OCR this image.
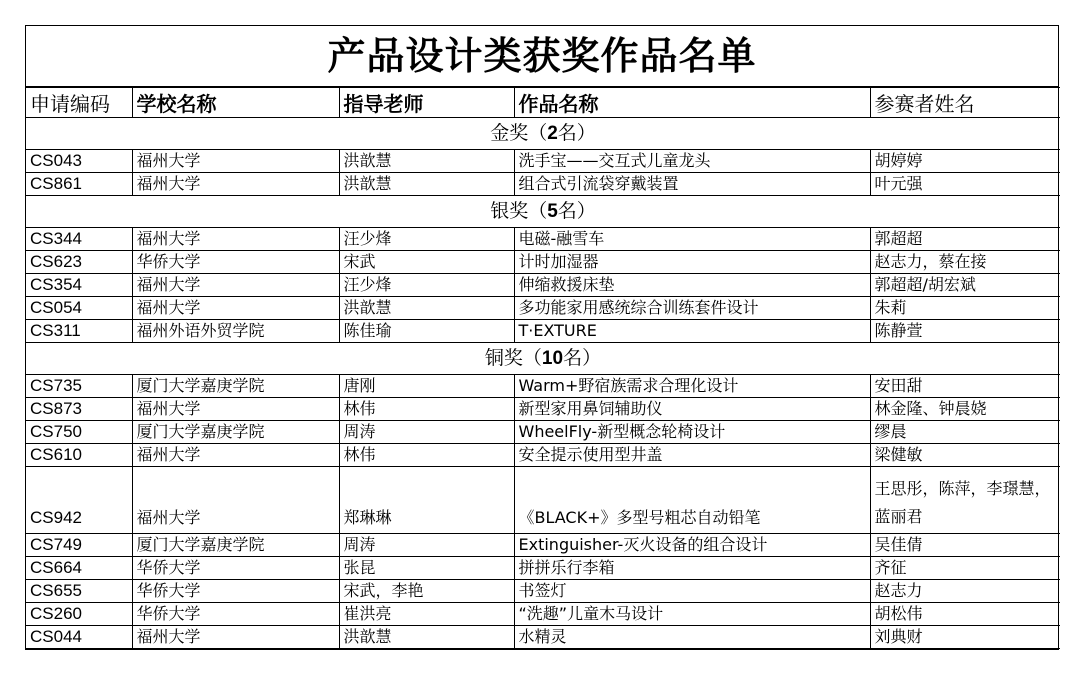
产品设计类获奖作品名单
申请编码	学校名称	指导老师	作品名称	参赛者姓名
金奖（2名）				
CS043	福州大学	洪歆慧	洗手宝——交互式儿童龙头	胡婷婷
CS861	福州大学	洪歆慧	组合式引流袋穿戴装置	叶元强
银奖（5名）				
CS344	福州大学	汪少烽	电磁-融雪车	郭超超
CS623	华侨大学	宋武	计时加湿器	赵志力，蔡在接
CS354	福州大学	汪少烽	伸缩救援床垫	郭超超/胡宏斌
CS054	福州大学	洪歆慧	多功能家用感统综合训练套件设计	朱莉
CS311	福州外语外贸学院	陈佳瑜	T·EXTURE	陈静萱
铜奖（10名）				
CS735	厦门大学嘉庚学院	唐刚	Warm+野宿族需求合理化设计	安田甜
CS873	福州大学	林伟	新型家用鼻饲辅助仪	林金隆、钟晨娆
CS750	厦门大学嘉庚学院	周涛	WheelFly-新型概念轮椅设计	缪晨
CS610	福州大学	林伟	安全提示使用型井盖	梁健敏
CS942	福州大学	郑琳琳	《BLACK+》多型号粗芯自动铅笔	王思彤，陈萍，李璟慧，蓝丽君
CS749	厦门大学嘉庚学院	周涛	Extinguisher-灭火设备的组合设计	吴佳倩
CS664	华侨大学	张昆	拼拼乐行李箱	齐征
CS655	华侨大学	宋武，李艳	书签灯	赵志力
CS260	华侨大学	崔洪亮	“洗趣”儿童木马设计	胡松伟
CS044	福州大学	洪歆慧	水精灵	刘典财
